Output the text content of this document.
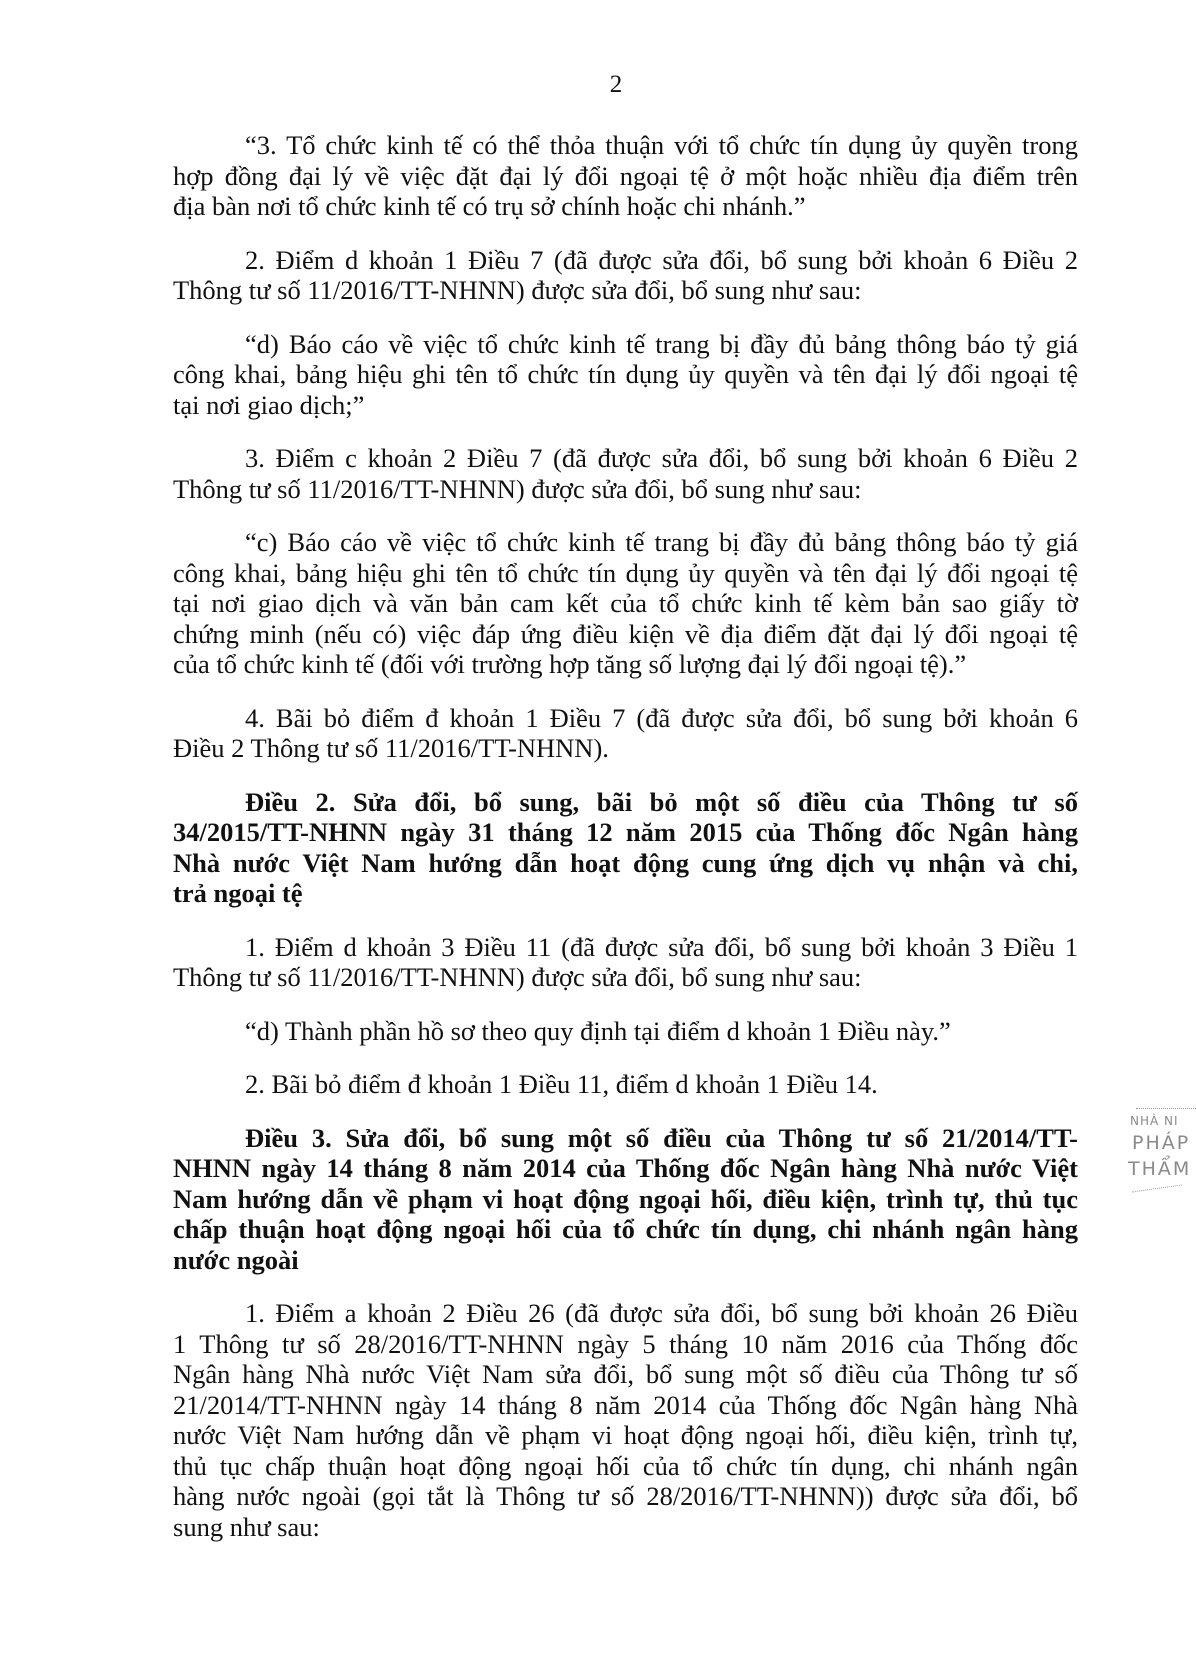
2
“3. Tổ chức kinh tế có thể thỏa thuận với tổ chức tín dụng ủy quyền trong
hợp đồng đại lý về việc đặt đại lý đổi ngoại tệ ở một hoặc nhiều địa điểm trên
địa bàn nơi tổ chức kinh tế có trụ sở chính hoặc chi nhánh.”
2. Điểm d khoản 1 Điều 7 (đã được sửa đổi, bổ sung bởi khoản 6 Điều 2
Thông tư số 11/2016/TT-NHNN) được sửa đổi, bổ sung như sau:
“d) Báo cáo về việc tổ chức kinh tế trang bị đầy đủ bảng thông báo tỷ giá
công khai, bảng hiệu ghi tên tổ chức tín dụng ủy quyền và tên đại lý đổi ngoại tệ
tại nơi giao dịch;”
3. Điểm c khoản 2 Điều 7 (đã được sửa đổi, bổ sung bởi khoản 6 Điều 2
Thông tư số 11/2016/TT-NHNN) được sửa đổi, bổ sung như sau:
“c) Báo cáo về việc tổ chức kinh tế trang bị đầy đủ bảng thông báo tỷ giá
công khai, bảng hiệu ghi tên tổ chức tín dụng ủy quyền và tên đại lý đổi ngoại tệ
tại nơi giao dịch và văn bản cam kết của tổ chức kinh tế kèm bản sao giấy tờ
chứng minh (nếu có) việc đáp ứng điều kiện về địa điểm đặt đại lý đổi ngoại tệ
của tổ chức kinh tế (đối với trường hợp tăng số lượng đại lý đổi ngoại tệ).”
4. Bãi bỏ điểm đ khoản 1 Điều 7 (đã được sửa đổi, bổ sung bởi khoản 6
Điều 2 Thông tư số 11/2016/TT-NHNN).
Điều 2. Sửa đổi, bổ sung, bãi bỏ một số điều của Thông tư số
34/2015/TT-NHNN ngày 31 tháng 12 năm 2015 của Thống đốc Ngân hàng
Nhà nước Việt Nam hướng dẫn hoạt động cung ứng dịch vụ nhận và chi,
trả ngoại tệ
1. Điểm d khoản 3 Điều 11 (đã được sửa đổi, bổ sung bởi khoản 3 Điều 1
Thông tư số 11/2016/TT-NHNN) được sửa đổi, bổ sung như sau:
“d) Thành phần hồ sơ theo quy định tại điểm d khoản 1 Điều này.”
2. Bãi bỏ điểm đ khoản 1 Điều 11, điểm d khoản 1 Điều 14.
Điều 3. Sửa đổi, bổ sung một số điều của Thông tư số 21/2014/TT-
NHNN ngày 14 tháng 8 năm 2014 của Thống đốc Ngân hàng Nhà nước Việt
Nam hướng dẫn về phạm vi hoạt động ngoại hối, điều kiện, trình tự, thủ tục
chấp thuận hoạt động ngoại hối của tổ chức tín dụng, chi nhánh ngân hàng
nước ngoài
1. Điểm a khoản 2 Điều 26 (đã được sửa đổi, bổ sung bởi khoản 26 Điều
1 Thông tư số 28/2016/TT-NHNN ngày 5 tháng 10 năm 2016 của Thống đốc
Ngân hàng Nhà nước Việt Nam sửa đổi, bổ sung một số điều của Thông tư số
21/2014/TT-NHNN ngày 14 tháng 8 năm 2014 của Thống đốc Ngân hàng Nhà
nước Việt Nam hướng dẫn về phạm vi hoạt động ngoại hối, điều kiện, trình tự,
thủ tục chấp thuận hoạt động ngoại hối của tổ chức tín dụng, chi nhánh ngân
hàng nước ngoài (gọi tắt là Thông tư số 28/2016/TT-NHNN)) được sửa đổi, bổ
sung như sau:
NHÀ NI
PHÁP
THẨM
